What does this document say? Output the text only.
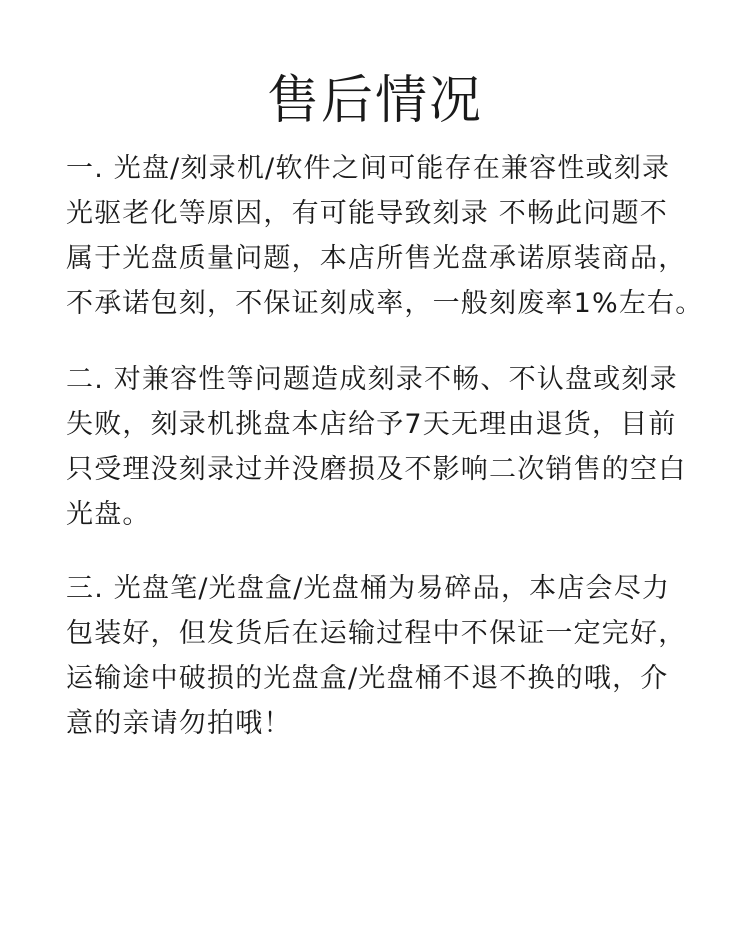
售后情况
一. 光盘/刻录机/软件之间可能存在兼容性或刻录
光驱老化等原因，有可能导致刻录 不畅此问题不
属于光盘质量问题，本店所售光盘承诺原装商品，
不承诺包刻，不保证刻成率，一般刻废率1%左右。
二. 对兼容性等问题造成刻录不畅、不认盘或刻录
失败，刻录机挑盘本店给予7天无理由退货，目前
只受理没刻录过并没磨损及不影响二次销售的空白
光盘。
三. 光盘笔/光盘盒/光盘桶为易碎品，本店会尽力
包装好，但发货后在运输过程中不保证一定完好，
运输途中破损的光盘盒/光盘桶不退不换的哦，介
意的亲请勿拍哦！
